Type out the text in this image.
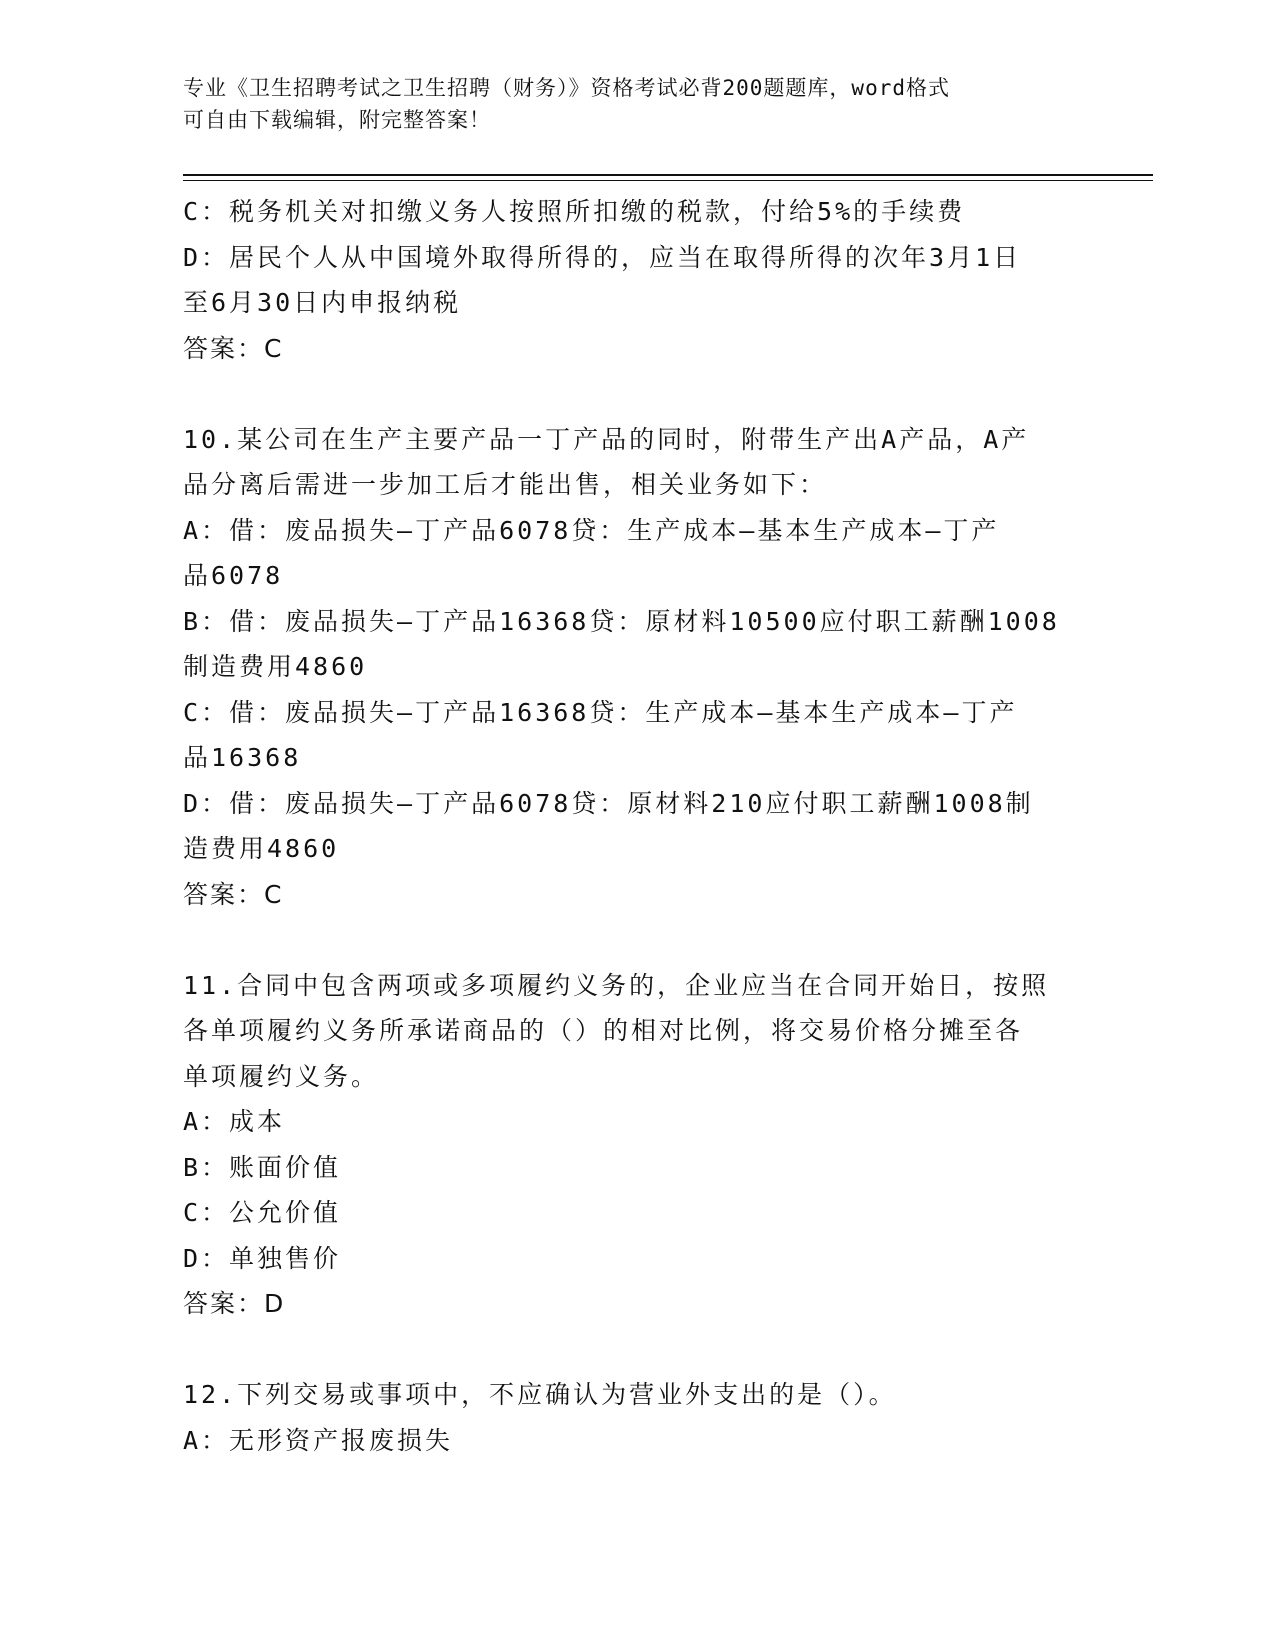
专业《卫生招聘考试之卫生招聘（财务）》资格考试必背200题题库，word格式
可自由下载编辑，附完整答案！
C：税务机关对扣缴义务人按照所扣缴的税款，付给5%的手续费
D：居民个人从中国境外取得所得的，应当在取得所得的次年3月1日
至6月30日内申报纳税
答案：C
10.某公司在生产主要产品一丁产品的同时，附带生产出A产品，A产
品分离后需进一步加工后才能出售，相关业务如下：
A：借：废品损失—丁产品6078贷：生产成本—基本生产成本—丁产
品6078
B：借：废品损失—丁产品16368贷：原材料10500应付职工薪酬1008
制造费用4860
C：借：废品损失—丁产品16368贷：生产成本—基本生产成本—丁产
品16368
D：借：废品损失—丁产品6078贷：原材料210应付职工薪酬1008制
造费用4860
答案：C
11.合同中包含两项或多项履约义务的，企业应当在合同开始日，按照
各单项履约义务所承诺商品的（）的相对比例，将交易价格分摊至各
单项履约义务。
A：成本
B：账面价值
C：公允价值
D：单独售价
答案：D
12.下列交易或事项中，不应确认为营业外支出的是（）。
A：无形资产报废损失
